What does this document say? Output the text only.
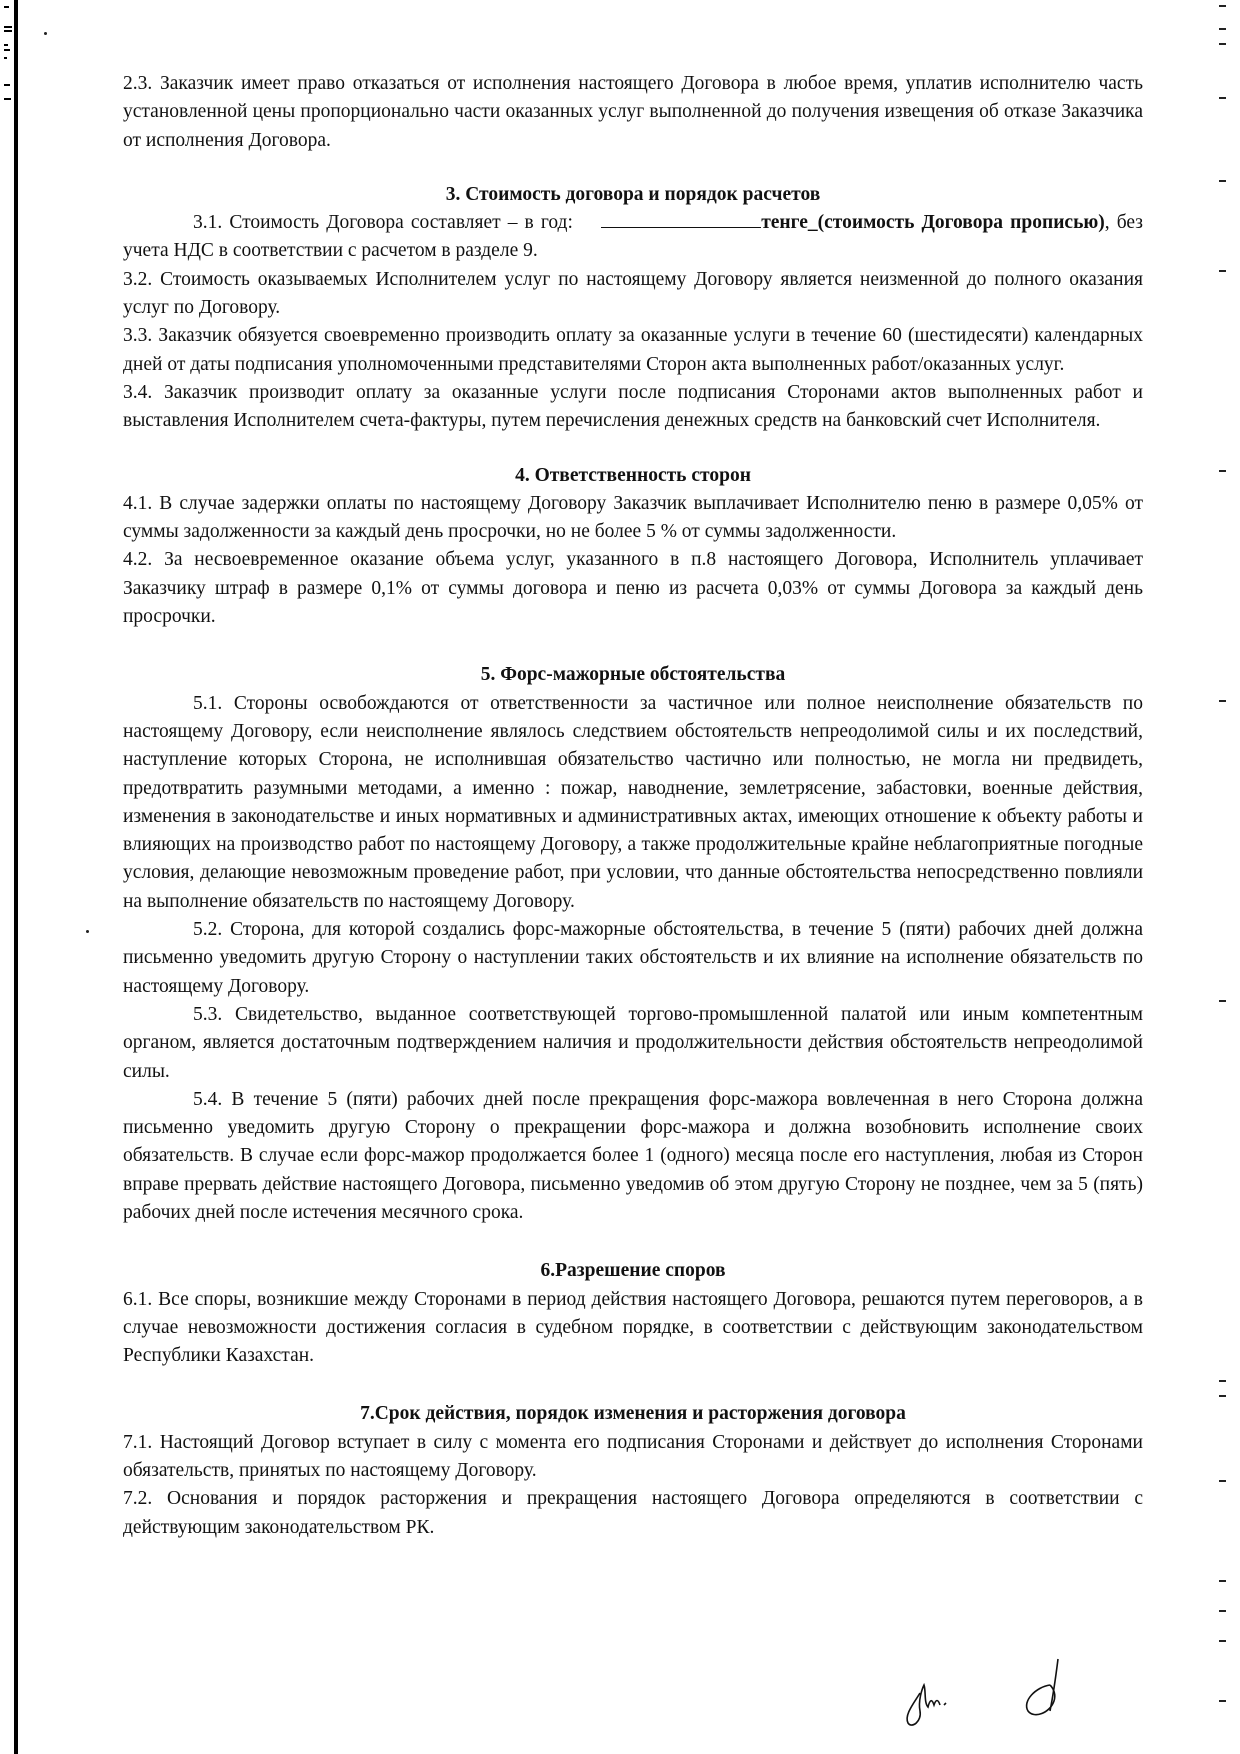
2.3. Заказчик имеет право отказаться от исполнения настоящего Договора в любое время, уплатив исполнителю часть установленной цены пропорционально части оказанных услуг выполненной до получения извещения об отказе Заказчика от исполнения Договора.

3. Стоимость договора и порядок расчетов

3.1. Стоимость Договора составляет – в год:	тенге_(стоимость Договора прописью), без учета НДС в соответствии с расчетом в разделе 9.

3.2. Стоимость оказываемых Исполнителем услуг по настоящему Договору является неизменной до полного оказания услуг по Договору.

3.3. Заказчик обязуется своевременно производить оплату за оказанные услуги в течение 60 (шестидесяти) календарных дней от даты подписания уполномоченными представителями Сторон акта выполненных работ/оказанных услуг.

3.4. Заказчик производит оплату за оказанные услуги после подписания Сторонами актов выполненных работ и выставления Исполнителем счета-фактуры, путем перечисления денежных средств на банковский счет Исполнителя.

4. Ответственность сторон

4.1. В случае задержки оплаты по настоящему Договору Заказчик выплачивает Исполнителю пеню в размере 0,05% от суммы задолженности за каждый день просрочки, но не более 5 % от суммы задолженности.

4.2. За несвоевременное оказание объема услуг, указанного в п.8 настоящего Договора, Исполнитель уплачивает Заказчику штраф в размере 0,1% от суммы договора и пеню из расчета 0,03% от суммы Договора за каждый день просрочки.

5. Форс-мажорные обстоятельства

5.1. Стороны освобождаются от ответственности за частичное или полное неисполнение обязательств по настоящему Договору, если неисполнение являлось следствием обстоятельств непреодолимой силы и их последствий, наступление которых Сторона, не исполнившая обязательство частично или полностью, не могла ни предвидеть, предотвратить разумными методами, а именно : пожар, наводнение, землетрясение, забастовки, военные действия, изменения в законодательстве и иных нормативных и административных актах, имеющих отношение к объекту работы и влияющих на производство работ по настоящему Договору, а также продолжительные крайне неблагоприятные погодные условия, делающие невозможным проведение работ, при условии, что данные обстоятельства непосредственно повлияли на выполнение обязательств по настоящему Договору.

5.2. Сторона, для которой создались форс-мажорные обстоятельства, в течение 5 (пяти) рабочих дней должна письменно уведомить другую Сторону о наступлении таких обстоятельств и их влияние на исполнение обязательств по настоящему Договору.

5.3. Свидетельство, выданное соответствующей торгово-промышленной палатой или иным компетентным органом, является достаточным подтверждением наличия и продолжительности действия обстоятельств непреодолимой силы.

5.4. В течение 5 (пяти) рабочих дней после прекращения форс-мажора вовлеченная в него Сторона должна письменно уведомить другую Сторону о прекращении форс-мажора и должна возобновить исполнение своих обязательств. В случае если форс-мажор продолжается более 1 (одного) месяца после его наступления, любая из Сторон вправе прервать действие настоящего Договора, письменно уведомив об этом другую Сторону не позднее, чем за 5 (пять) рабочих дней после истечения месячного срока.

6.Разрешение споров

6.1. Все споры, возникшие между Сторонами в период действия настоящего Договора, решаются путем переговоров, а в случае невозможности достижения согласия в судебном порядке, в соответствии с действующим законодательством Республики Казахстан.

7.Срок действия, порядок изменения и расторжения договора

7.1. Настоящий Договор вступает в силу с момента его подписания Сторонами и действует до исполнения Сторонами обязательств, принятых по настоящему Договору.

7.2. Основания и порядок расторжения и прекращения настоящего Договора определяются в соответствии с действующим законодательством РК.
